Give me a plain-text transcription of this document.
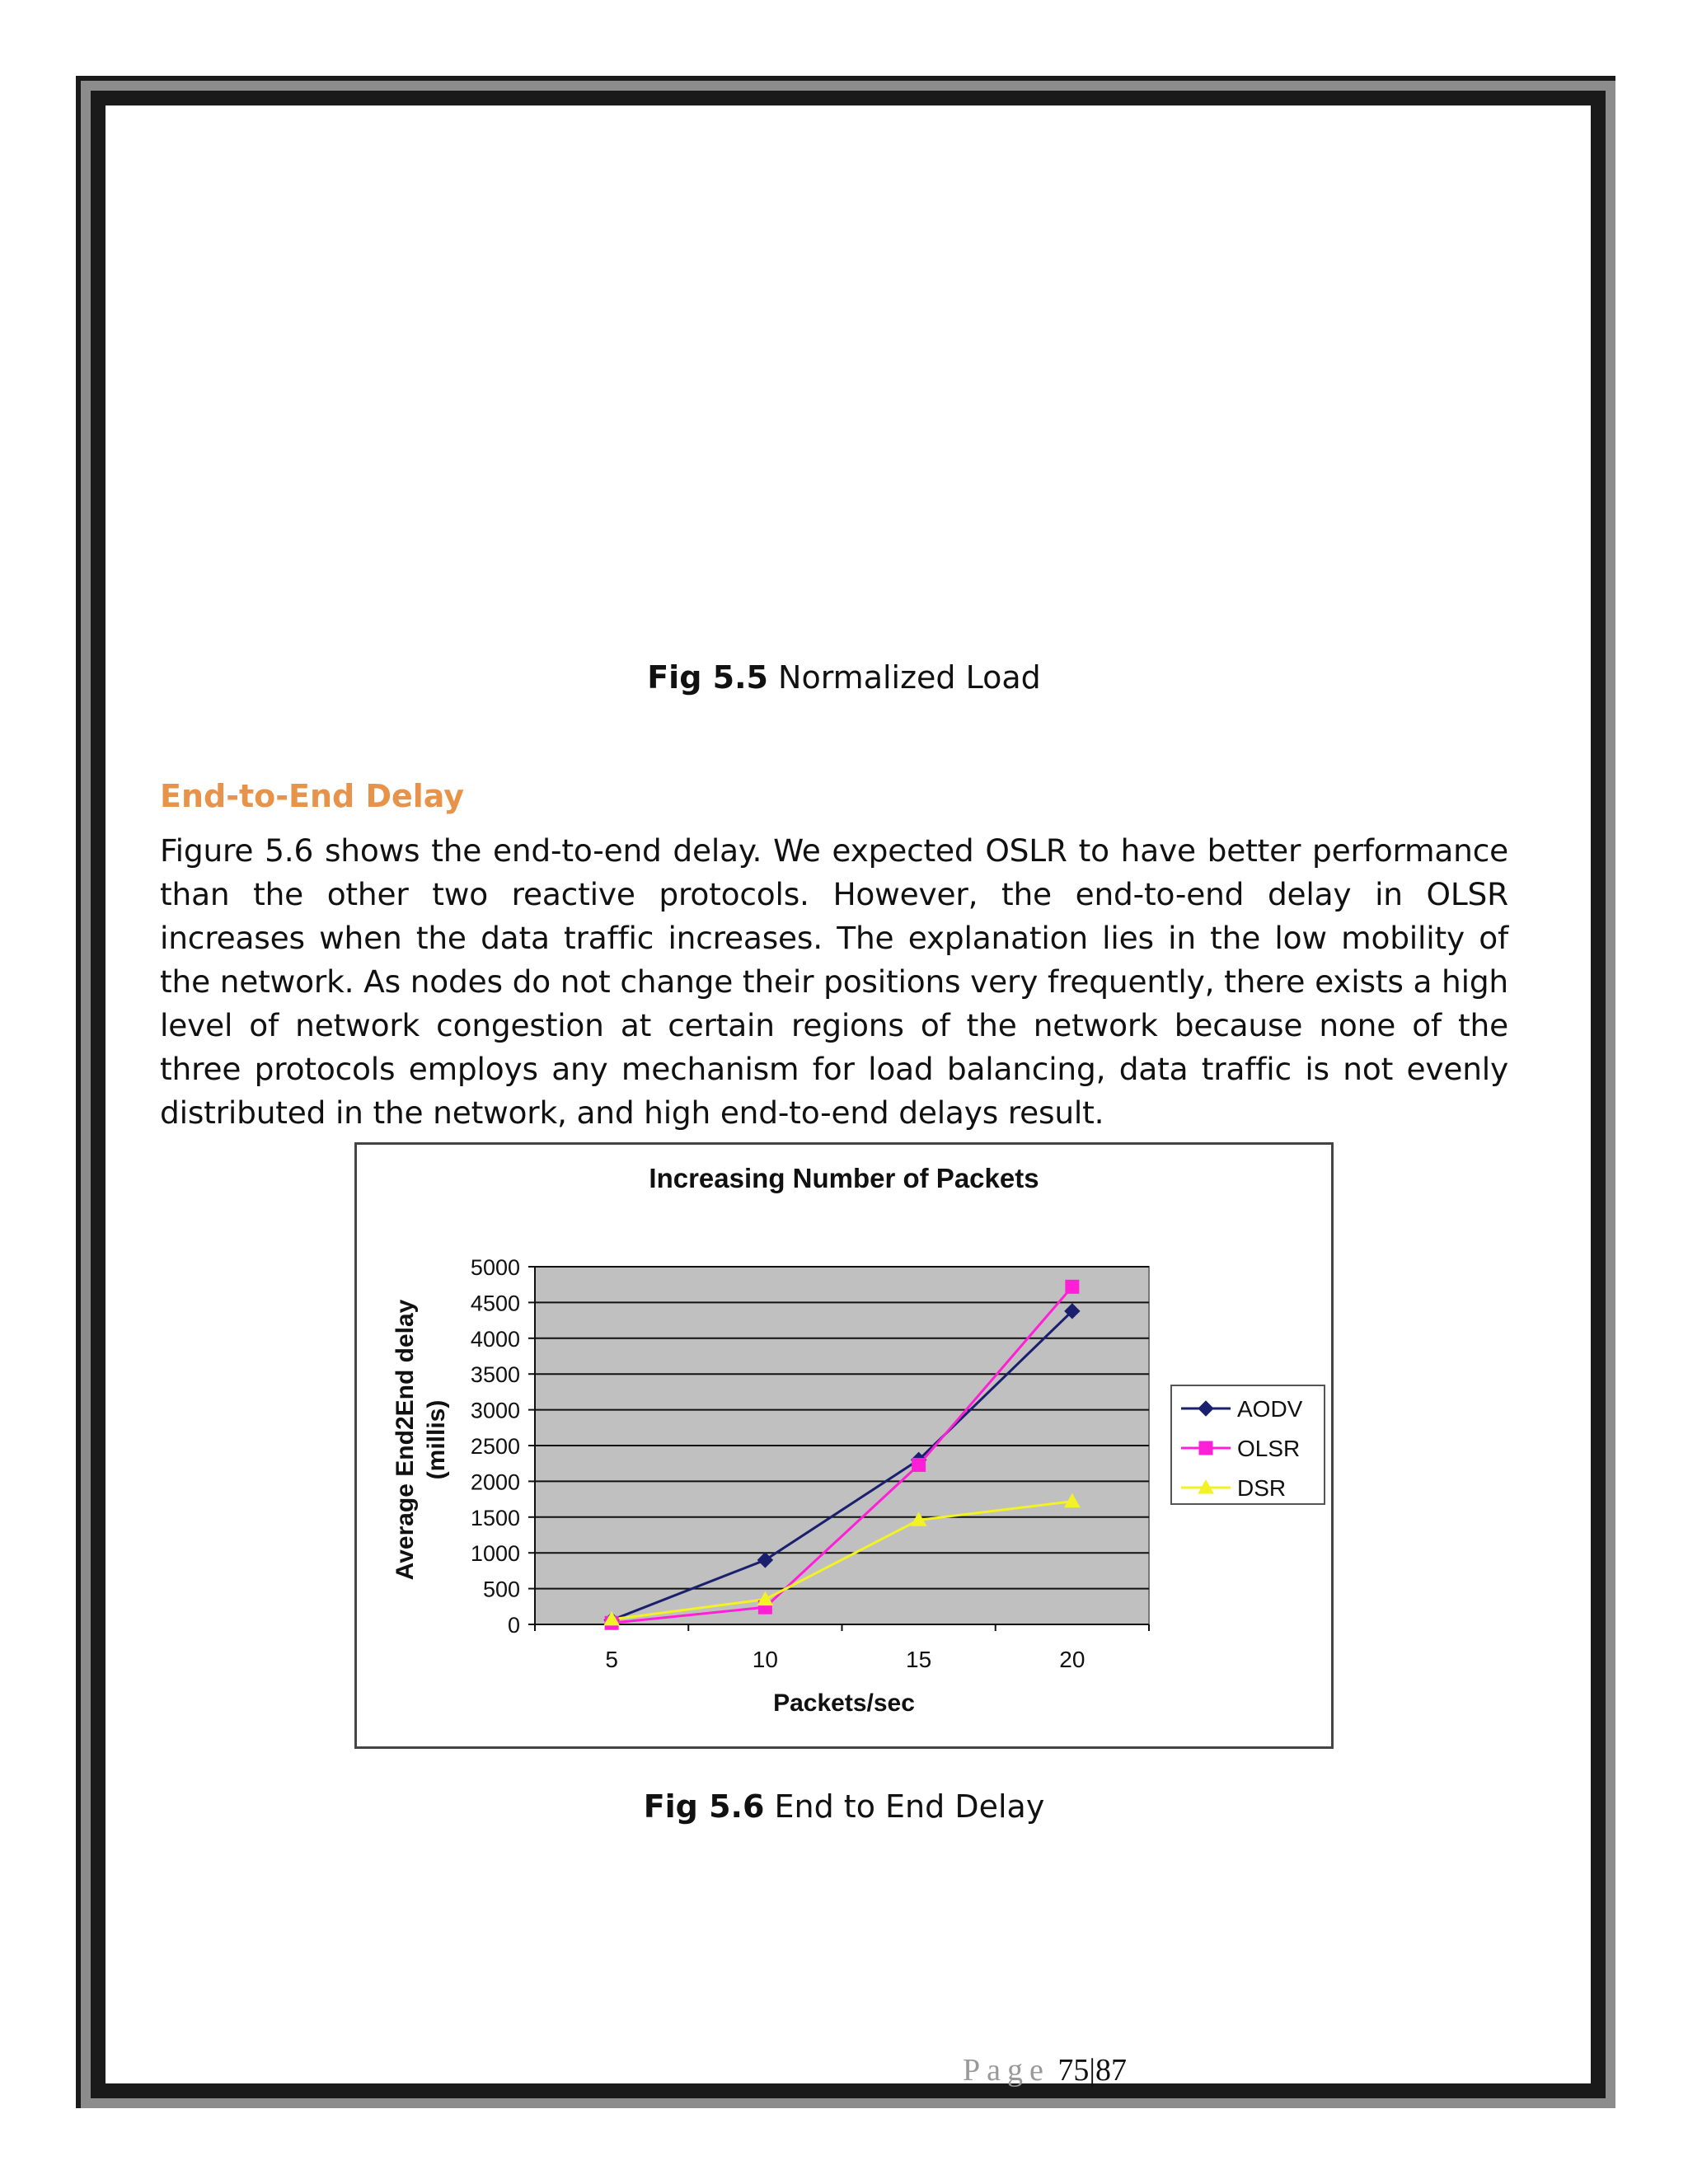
Fig 5.5 Normalized Load
End-to-End Delay
Figure 5.6 shows the end-to-end delay. We expected OSLR to have better performance than the other two reactive protocols. However, the end-to-end delay in OLSR increases when the data traffic increases. The explanation lies in the low mobility of the network. As nodes do not change their positions very frequently, there exists a high level of network congestion at certain regions of the network because none of the three protocols employs any mechanism for load balancing, data traffic is not evenly distributed in the network, and high end-to-end delays result.
Increasing Number of Packets
0
500
1000
1500
2000
2500
3000
3500
4000
4500
5000
5	10	15	20
Packets/sec
Average End2End delay (millis)	AODV
OLSR
DSR
Fig 5.6 End to End Delay
Page 75|87
